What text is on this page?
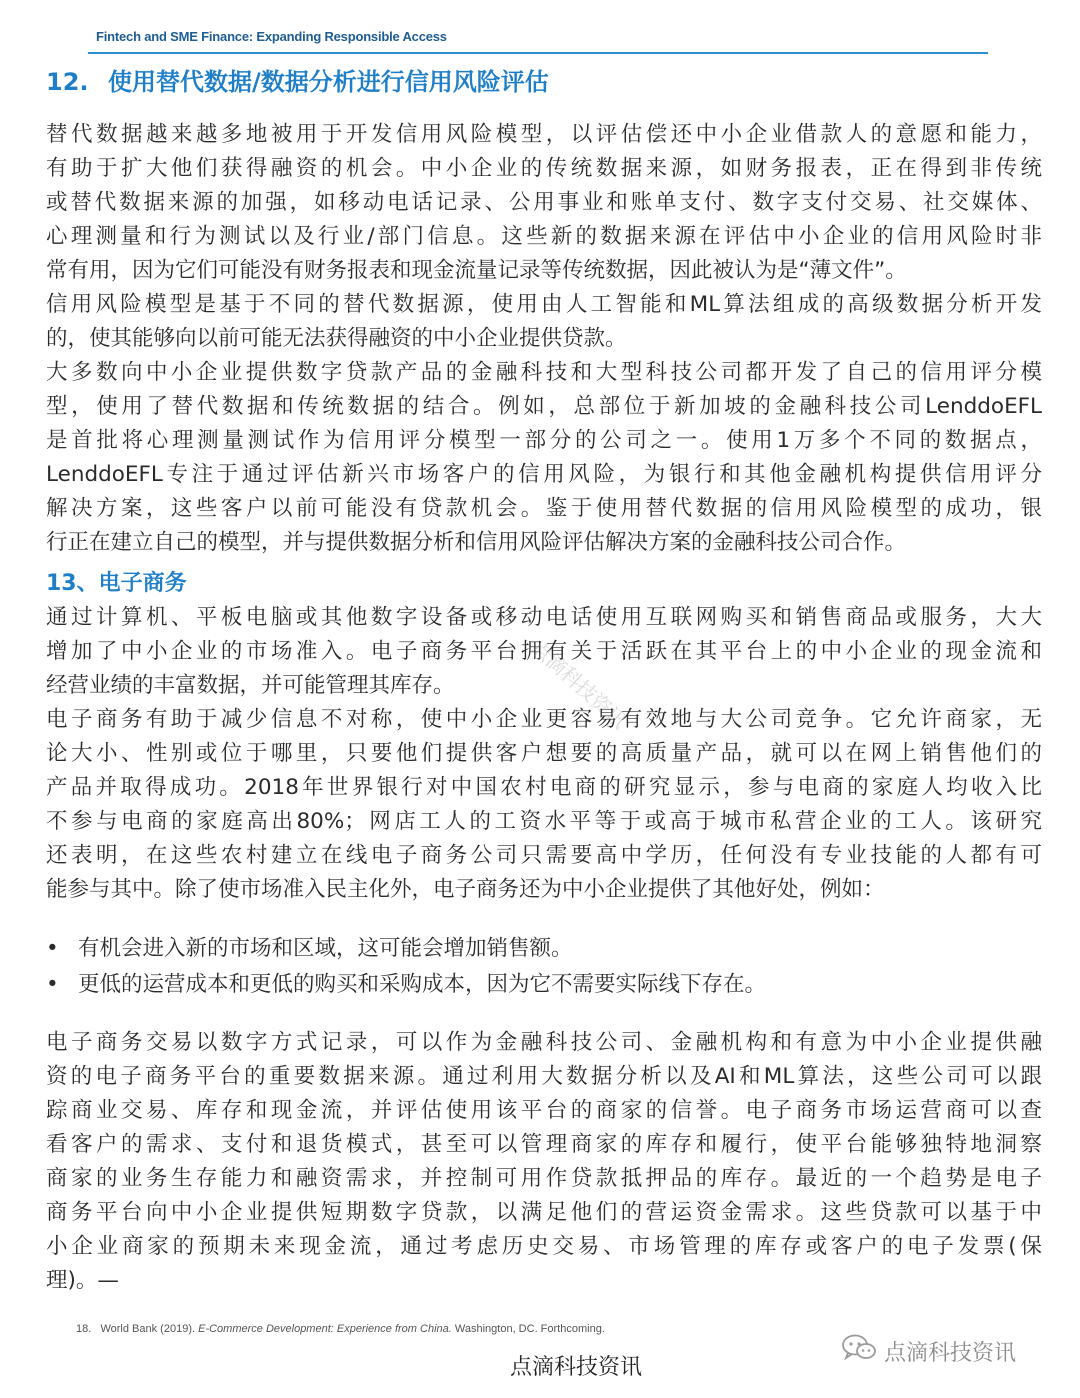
Fintech and SME Finance: Expanding Responsible Access
12. 使用替代数据/数据分析进行信用风险评估
替代数据越来越多地被用于开发信用风险模型，以评估偿还中小企业借款人的意愿和能力，
有助于扩大他们获得融资的机会。中小企业的传统数据来源，如财务报表，正在得到非传统
或替代数据来源的加强，如移动电话记录、公用事业和账单支付、数字支付交易、社交媒体、
心理测量和行为测试以及行业/部门信息。这些新的数据来源在评估中小企业的信用风险时非
常有用，因为它们可能没有财务报表和现金流量记录等传统数据，因此被认为是“薄文件”。
信用风险模型是基于不同的替代数据源，使用由人工智能和ML算法组成的高级数据分析开发
的，使其能够向以前可能无法获得融资的中小企业提供贷款。
大多数向中小企业提供数字贷款产品的金融科技和大型科技公司都开发了自己的信用评分模
型，使用了替代数据和传统数据的结合。例如，总部位于新加坡的金融科技公司LenddoEFL
是首批将心理测量测试作为信用评分模型一部分的公司之一。使用1万多个不同的数据点，
LenddoEFL专注于通过评估新兴市场客户的信用风险，为银行和其他金融机构提供信用评分
解决方案，这些客户以前可能没有贷款机会。鉴于使用替代数据的信用风险模型的成功，银
行正在建立自己的模型，并与提供数据分析和信用风险评估解决方案的金融科技公司合作。
13、电子商务
通过计算机、平板电脑或其他数字设备或移动电话使用互联网购买和销售商品或服务，大大
增加了中小企业的市场准入。电子商务平台拥有关于活跃在其平台上的中小企业的现金流和
经营业绩的丰富数据，并可能管理其库存。
电子商务有助于减少信息不对称，使中小企业更容易有效地与大公司竞争。它允许商家，无
论大小、性别或位于哪里，只要他们提供客户想要的高质量产品，就可以在网上销售他们的
产品并取得成功。2018年世界银行对中国农村电商的研究显示，参与电商的家庭人均收入比
不参与电商的家庭高出80%；网店工人的工资水平等于或高于城市私营企业的工人。该研究
还表明，在这些农村建立在线电子商务公司只需要高中学历，任何没有专业技能的人都有可
能参与其中。除了使市场准入民主化外，电子商务还为中小企业提供了其他好处，例如：
• 有机会进入新的市场和区域，这可能会增加销售额。
• 更低的运营成本和更低的购买和采购成本，因为它不需要实际线下存在。
电子商务交易以数字方式记录，可以作为金融科技公司、金融机构和有意为中小企业提供融
资的电子商务平台的重要数据来源。通过利用大数据分析以及AI和ML算法，这些公司可以跟
踪商业交易、库存和现金流，并评估使用该平台的商家的信誉。电子商务市场运营商可以查
看客户的需求、支付和退货模式，甚至可以管理商家的库存和履行，使平台能够独特地洞察
商家的业务生存能力和融资需求，并控制可用作贷款抵押品的库存。最近的一个趋势是电子
商务平台向中小企业提供短期数字贷款，以满足他们的营运资金需求。这些贷款可以基于中
小企业商家的预期未来现金流，通过考虑历史交易、市场管理的库存或客户的电子发票(保
理)。—
点滴科技资讯
18. World Bank (2019). E-Commerce Development: Experience from China. Washington, DC. Forthcoming.
点滴科技资讯
点滴科技资讯
